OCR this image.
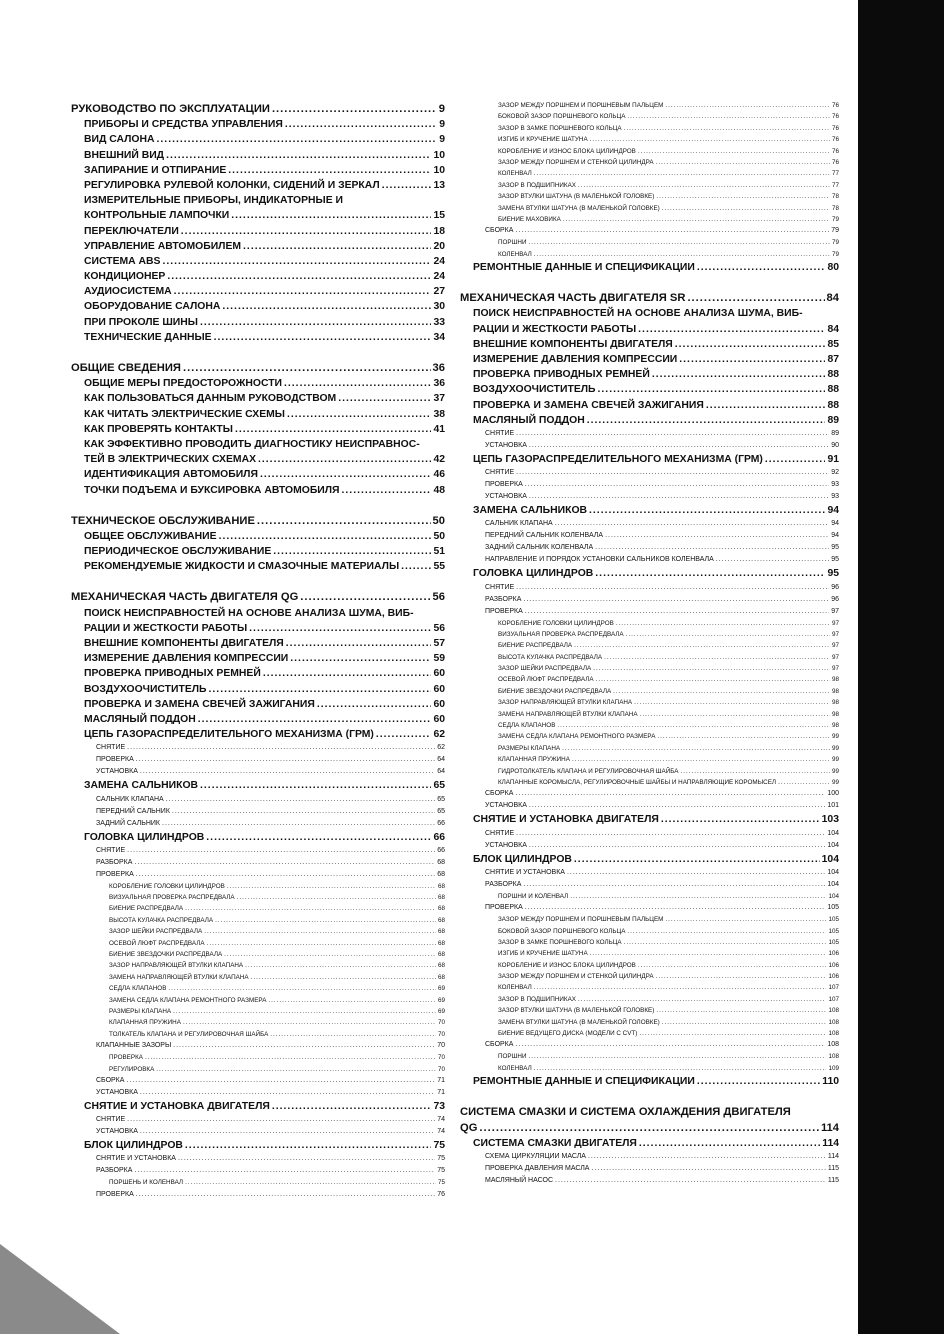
РУКОВОДСТВО ПО ЭКСПЛУАТАЦИИ .....	9
ПРИБОРЫ И СРЕДСТВА УПРАВЛЕНИЯ .....	9
ВИД САЛОНА .....	9
ВНЕШНИЙ ВИД .....	10
ЗАПИРАНИЕ И ОТПИРАНИЕ .....	10
РЕГУЛИРОВКА РУЛЕВОЙ КОЛОНКИ, СИДЕНИЙ И ЗЕРКАЛ .....	13
ИЗМЕРИТЕЛЬНЫЕ ПРИБОРЫ, ИНДИКАТОРНЫЕ И
КОНТРОЛЬНЫЕ ЛАМПОЧКИ .....	15
ПЕРЕКЛЮЧАТЕЛИ .....	18
УПРАВЛЕНИЕ АВТОМОБИЛЕМ .....	20
СИСТЕМА ABS .....	24
КОНДИЦИОНЕР .....	24
АУДИОСИСТЕМА .....	27
ОБОРУДОВАНИЕ САЛОНА .....	30
ПРИ ПРОКОЛЕ ШИНЫ .....	33
ТЕХНИЧЕСКИЕ ДАННЫЕ .....	34
ОБЩИЕ СВЕДЕНИЯ .....	36
ОБЩИЕ МЕРЫ ПРЕДОСТОРОЖНОСТИ .....	36
КАК ПОЛЬЗОВАТЬСЯ ДАННЫМ РУКОВОДСТВОМ .....	37
КАК ЧИТАТЬ ЭЛЕКТРИЧЕСКИЕ СХЕМЫ .....	38
КАК ПРОВЕРЯТЬ КОНТАКТЫ .....	41
КАК ЭФФЕКТИВНО ПРОВОДИТЬ ДИАГНОСТИКУ НЕИСПРАВНОС-
ТЕЙ В ЭЛЕКТРИЧЕСКИХ СХЕМАХ .....	42
ИДЕНТИФИКАЦИЯ АВТОМОБИЛЯ .....	46
ТОЧКИ ПОДЪЕМА И БУКСИРОВКА АВТОМОБИЛЯ .....	48
ТЕХНИЧЕСКОЕ ОБСЛУЖИВАНИЕ .....	50
ОБЩЕЕ ОБСЛУЖИВАНИЕ .....	50
ПЕРИОДИЧЕСКОЕ ОБСЛУЖИВАНИЕ .....	51
РЕКОМЕНДУЕМЫЕ ЖИДКОСТИ И СМАЗОЧНЫЕ МАТЕРИАЛЫ .....	55
МЕХАНИЧЕСКАЯ ЧАСТЬ ДВИГАТЕЛЯ QG .....	56
ПОИСК НЕИСПРАВНОСТЕЙ НА ОСНОВЕ АНАЛИЗА ШУМА, ВИБ-
РАЦИИ И ЖЕСТКОСТИ РАБОТЫ .....	56
ВНЕШНИЕ КОМПОНЕНТЫ ДВИГАТЕЛЯ .....	57
ИЗМЕРЕНИЕ ДАВЛЕНИЯ КОМПРЕССИИ .....	59
ПРОВЕРКА ПРИВОДНЫХ РЕМНЕЙ .....	60
ВОЗДУХООЧИСТИТЕЛЬ .....	60
ПРОВЕРКА И ЗАМЕНА СВЕЧЕЙ ЗАЖИГАНИЯ .....	60
МАСЛЯНЫЙ ПОДДОН .....	60
ЦЕПЬ ГАЗОРАСПРЕДЕЛИТЕЛЬНОГО МЕХАНИЗМА (ГРМ) .....	62
СНЯТИЕ .....	62
ПРОВЕРКА .....	64
УСТАНОВКА .....	64
ЗАМЕНА САЛЬНИКОВ .....	65
САЛЬНИК КЛАПАНА .....	65
ПЕРЕДНИЙ САЛЬНИК .....	65
ЗАДНИЙ САЛЬНИК .....	66
ГОЛОВКА ЦИЛИНДРОВ .....	66
СНЯТИЕ .....	66
РАЗБОРКА .....	68
ПРОВЕРКА .....	68
КОРОБЛЕНИЕ ГОЛОВКИ ЦИЛИНДРОВ .....	68
ВИЗУАЛЬНАЯ ПРОВЕРКА РАСПРЕДВАЛА .....	68
БИЕНИЕ РАСПРЕДВАЛА .....	68
ВЫСОТА КУЛАЧКА РАСПРЕДВАЛА .....	68
ЗАЗОР ШЕЙКИ РАСПРЕДВАЛА .....	68
ОСЕВОЙ ЛЮФТ РАСПРЕДВАЛА .....	68
БИЕНИЕ ЗВЕЗДОЧКИ РАСПРЕДВАЛА .....	68
ЗАЗОР НАПРАВЛЯЮЩЕЙ ВТУЛКИ КЛАПАНА .....	68
ЗАМЕНА НАПРАВЛЯЮЩЕЙ ВТУЛКИ КЛАПАНА .....	68
СЕДЛА КЛАПАНОВ .....	69
ЗАМЕНА СЕДЛА КЛАПАНА РЕМОНТНОГО РАЗМЕРА .....	69
РАЗМЕРЫ КЛАПАНА .....	69
КЛАПАННАЯ ПРУЖИНА .....	70
ТОЛКАТЕЛЬ КЛАПАНА И РЕГУЛИРОВОЧНАЯ ШАЙБА .....	70
КЛАПАННЫЕ ЗАЗОРЫ .....	70
ПРОВЕРКА .....	70
РЕГУЛИРОВКА .....	70
СБОРКА .....	71
УСТАНОВКА .....	71
СНЯТИЕ И УСТАНОВКА ДВИГАТЕЛЯ .....	73
СНЯТИЕ .....	74
УСТАНОВКА .....	74
БЛОК ЦИЛИНДРОВ .....	75
СНЯТИЕ И УСТАНОВКА .....	75
РАЗБОРКА .....	75
ПОРШЕНЬ И КОЛЕНВАЛ .....	75
ПРОВЕРКА .....	76
ЗАЗОР МЕЖДУ ПОРШНЕМ И ПОРШНЕВЫМ ПАЛЬЦЕМ .....	76
БОКОВОЙ ЗАЗОР ПОРШНЕВОГО КОЛЬЦА .....	76
ЗАЗОР В ЗАМКЕ ПОРШНЕВОГО КОЛЬЦА .....	76
ИЗГИБ И КРУЧЕНИЕ ШАТУНА .....	76
КОРОБЛЕНИЕ И ИЗНОС БЛОКА ЦИЛИНДРОВ .....	76
ЗАЗОР МЕЖДУ ПОРШНЕМ И СТЕНКОЙ ЦИЛИНДРА .....	76
КОЛЕНВАЛ .....	77
ЗАЗОР В ПОДШИПНИКАХ .....	77
ЗАЗОР ВТУЛКИ ШАТУНА (В МАЛЕНЬКОЙ ГОЛОВКЕ) .....	78
ЗАМЕНА ВТУЛКИ ШАТУНА (В МАЛЕНЬКОЙ ГОЛОВКЕ) .....	78
БИЕНИЕ МАХОВИКА .....	79
СБОРКА .....	79
ПОРШНИ .....	79
КОЛЕНВАЛ .....	79
РЕМОНТНЫЕ ДАННЫЕ И СПЕЦИФИКАЦИИ .....	80
МЕХАНИЧЕСКАЯ ЧАСТЬ ДВИГАТЕЛЯ SR .....	84
ПОИСК НЕИСПРАВНОСТЕЙ НА ОСНОВЕ АНАЛИЗА ШУМА, ВИБ-
РАЦИИ И ЖЕСТКОСТИ РАБОТЫ .....	84
ВНЕШНИЕ КОМПОНЕНТЫ ДВИГАТЕЛЯ .....	85
ИЗМЕРЕНИЕ ДАВЛЕНИЯ КОМПРЕССИИ .....	87
ПРОВЕРКА ПРИВОДНЫХ РЕМНЕЙ .....	88
ВОЗДУХООЧИСТИТЕЛЬ .....	88
ПРОВЕРКА И ЗАМЕНА СВЕЧЕЙ ЗАЖИГАНИЯ .....	88
МАСЛЯНЫЙ ПОДДОН .....	89
СНЯТИЕ .....	89
УСТАНОВКА .....	90
ЦЕПЬ ГАЗОРАСПРЕДЕЛИТЕЛЬНОГО МЕХАНИЗМА (ГРМ) .....	91
СНЯТИЕ .....	92
ПРОВЕРКА .....	93
УСТАНОВКА .....	93
ЗАМЕНА САЛЬНИКОВ .....	94
САЛЬНИК КЛАПАНА .....	94
ПЕРЕДНИЙ САЛЬНИК КОЛЕНВАЛА .....	94
ЗАДНИЙ САЛЬНИК КОЛЕНВАЛА .....	95
НАПРАВЛЕНИЕ И ПОРЯДОК УСТАНОВКИ САЛЬНИКОВ КОЛЕНВАЛА .....	95
ГОЛОВКА ЦИЛИНДРОВ .....	95
СНЯТИЕ .....	96
РАЗБОРКА .....	96
ПРОВЕРКА .....	97
КОРОБЛЕНИЕ ГОЛОВКИ ЦИЛИНДРОВ .....	97
ВИЗУАЛЬНАЯ ПРОВЕРКА РАСПРЕДВАЛА .....	97
БИЕНИЕ РАСПРЕДВАЛА .....	97
ВЫСОТА КУЛАЧКА РАСПРЕДВАЛА .....	97
ЗАЗОР ШЕЙКИ РАСПРЕДВАЛА .....	97
ОСЕВОЙ ЛЮФТ РАСПРЕДВАЛА .....	98
БИЕНИЕ ЗВЕЗДОЧКИ РАСПРЕДВАЛА .....	98
ЗАЗОР НАПРАВЛЯЮЩЕЙ ВТУЛКИ КЛАПАНА .....	98
ЗАМЕНА НАПРАВЛЯЮЩЕЙ ВТУЛКИ КЛАПАНА .....	98
СЕДЛА КЛАПАНОВ .....	98
ЗАМЕНА СЕДЛА КЛАПАНА РЕМОНТНОГО РАЗМЕРА .....	99
РАЗМЕРЫ КЛАПАНА .....	99
КЛАПАННАЯ ПРУЖИНА .....	99
ГИДРОТОЛКАТЕЛЬ КЛАПАНА И РЕГУЛИРОВОЧНАЯ ШАЙБА .....	99
КЛАПАННЫЕ КОРОМЫСЛА, РЕГУЛИРОВОЧНЫЕ ШАЙБЫ И НАПРАВЛЯЮЩИЕ КОРОМЫСЕЛ .....	99
СБОРКА .....	100
УСТАНОВКА .....	101
СНЯТИЕ И УСТАНОВКА ДВИГАТЕЛЯ .....	103
СНЯТИЕ .....	104
УСТАНОВКА .....	104
БЛОК ЦИЛИНДРОВ .....	104
СНЯТИЕ И УСТАНОВКА .....	104
РАЗБОРКА .....	104
ПОРШНИ И КОЛЕНВАЛ .....	104
ПРОВЕРКА .....	105
ЗАЗОР МЕЖДУ ПОРШНЕМ И ПОРШНЕВЫМ ПАЛЬЦЕМ .....	105
БОКОВОЙ ЗАЗОР ПОРШНЕВОГО КОЛЬЦА .....	105
ЗАЗОР В ЗАМКЕ ПОРШНЕВОГО КОЛЬЦА .....	105
ИЗГИБ И КРУЧЕНИЕ ШАТУНА .....	106
КОРОБЛЕНИЕ И ИЗНОС БЛОКА ЦИЛИНДРОВ .....	106
ЗАЗОР МЕЖДУ ПОРШНЕМ И СТЕНКОЙ ЦИЛИНДРА .....	106
КОЛЕНВАЛ .....	107
ЗАЗОР В ПОДШИПНИКАХ .....	107
ЗАЗОР ВТУЛКИ ШАТУНА (В МАЛЕНЬКОЙ ГОЛОВКЕ) .....	108
ЗАМЕНА ВТУЛКИ ШАТУНА (В МАЛЕНЬКОЙ ГОЛОВКЕ) .....	108
БИЕНИЕ ВЕДУЩЕГО ДИСКА (МОДЕЛИ С CVT) .....	108
СБОРКА .....	108
ПОРШНИ .....	108
КОЛЕНВАЛ .....	109
РЕМОНТНЫЕ ДАННЫЕ И СПЕЦИФИКАЦИИ .....	110
СИСТЕМА СМАЗКИ И СИСТЕМА ОХЛАЖДЕНИЯ ДВИГАТЕЛЯ
QG .....	114
СИСТЕМА СМАЗКИ ДВИГАТЕЛЯ .....	114
СХЕМА ЦИРКУЛЯЦИИ МАСЛА .....	114
ПРОВЕРКА ДАВЛЕНИЯ МАСЛА .....	115
МАСЛЯНЫЙ НАСОС .....	115
